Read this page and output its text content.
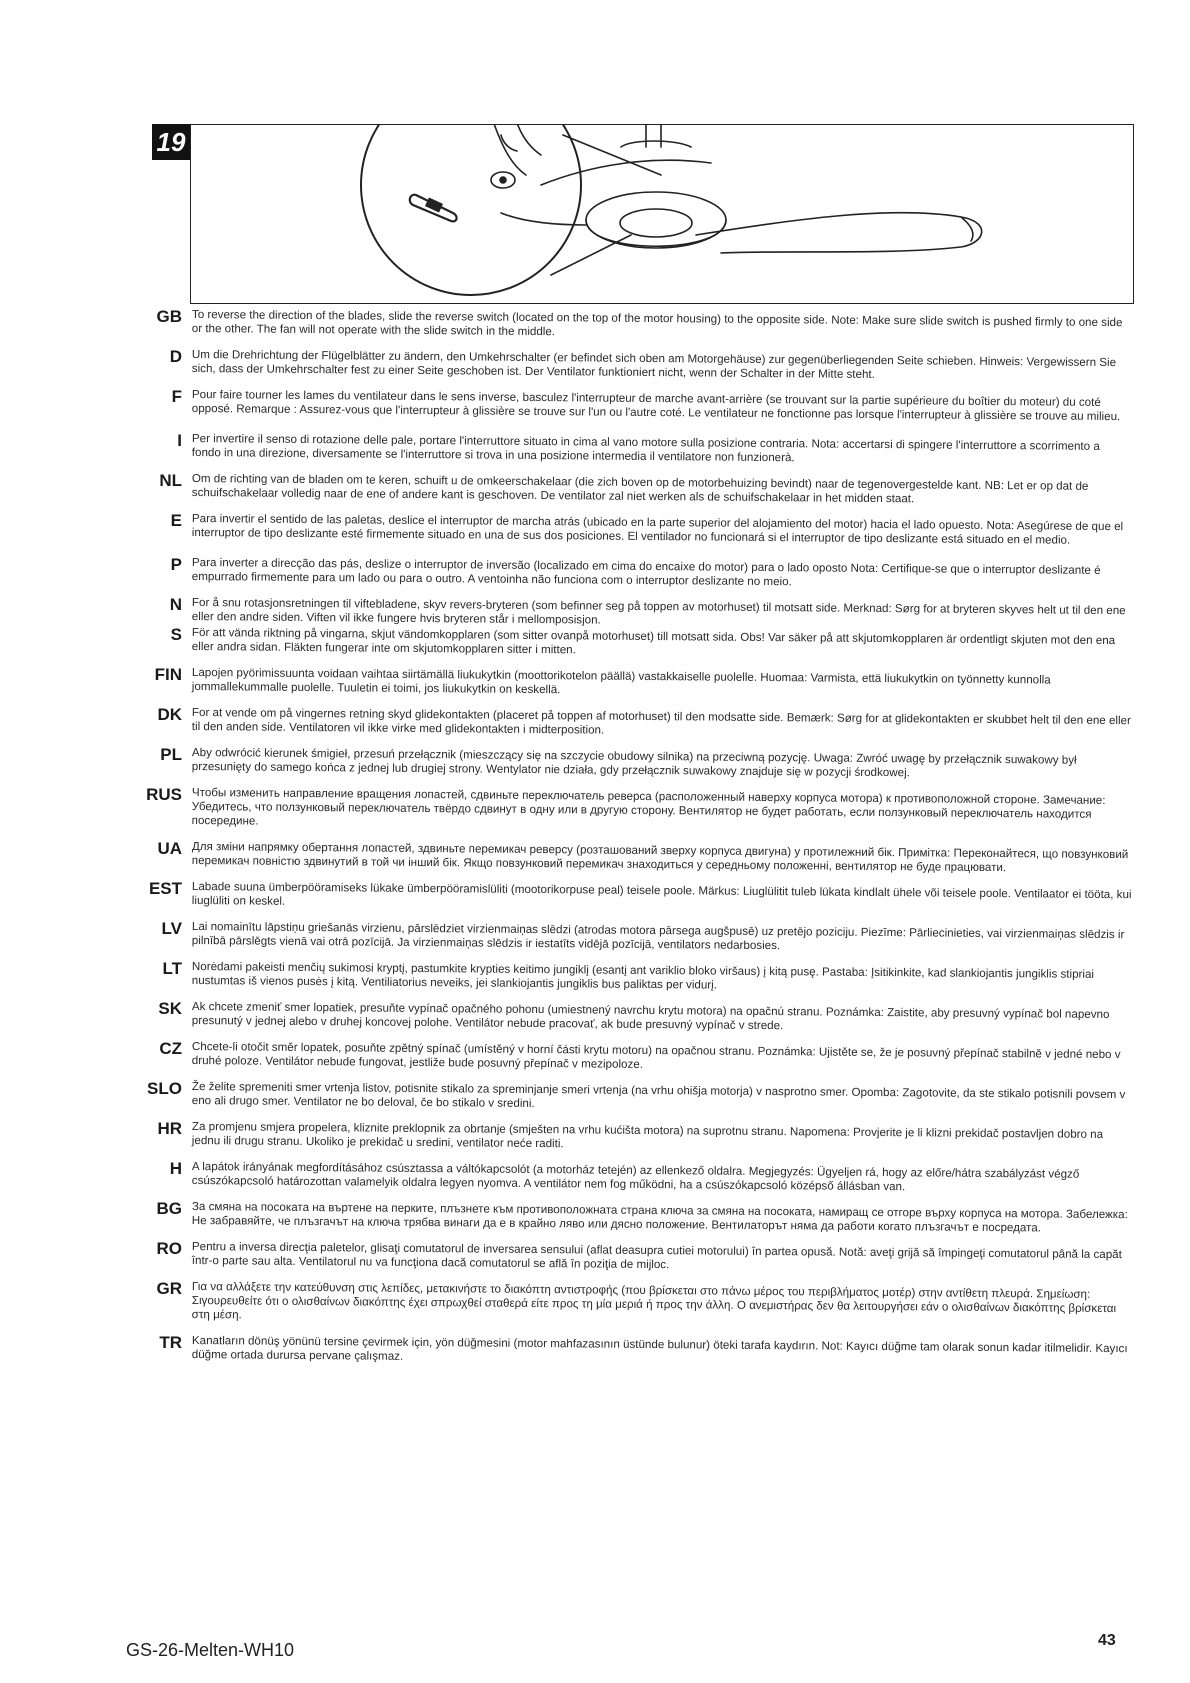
19
GB To reverse the direction of the blades, slide the reverse switch (located on the top of the motor housing) to the opposite side. Note: Make sure slide switch is pushed firmly to one side or the other. The fan will not operate with the slide switch in the middle.
D Um die Drehrichtung der Flügelblätter zu ändern, den Umkehrschalter (er befindet sich oben am Motorgehäuse) zur gegenüberliegenden Seite schieben. Hinweis: Vergewissern Sie sich, dass der Umkehrschalter fest zu einer Seite geschoben ist. Der Ventilator funktioniert nicht, wenn der Schalter in der Mitte steht.
F Pour faire tourner les lames du ventilateur dans le sens inverse, basculez l'interrupteur de marche avant-arrière (se trouvant sur la partie supérieure du boîtier du moteur) du coté opposé. Remarque : Assurez-vous que l'interrupteur à glissière se trouve sur l'un ou l'autre coté. Le ventilateur ne fonctionne pas lorsque l'interrupteur à glissière se trouve au milieu.
I Per invertire il senso di rotazione delle pale, portare l'interruttore situato in cima al vano motore sulla posizione contraria. Nota: accertarsi di spingere l'interruttore a scorrimento a fondo in una direzione, diversamente se l'interruttore si trova in una posizione intermedia il ventilatore non funzionerà.
NL Om de richting van de bladen om te keren, schuift u de omkeerschakelaar (die zich boven op de motorbehuizing bevindt) naar de tegenovergestelde kant. NB: Let er op dat de schuifschakelaar volledig naar de ene of andere kant is geschoven. De ventilator zal niet werken als de schuifschakelaar in het midden staat.
E Para invertir el sentido de las paletas, deslice el interruptor de marcha atrás (ubicado en la parte superior del alojamiento del motor) hacia el lado opuesto. Nota: Asegúrese de que el interruptor de tipo deslizante esté firmemente situado en una de sus dos posiciones. El ventilador no funcionará si el interruptor de tipo deslizante está situado en el medio.
P Para inverter a direcção das pás, deslize o interruptor de inversão (localizado em cima do encaixe do motor) para o lado oposto Nota: Certifique-se que o interruptor deslizante é empurrado firmemente para um lado ou para o outro. A ventoinha não funciona com o interruptor deslizante no meio.
N For å snu rotasjonsretningen til viftebladene, skyv revers-bryteren (som befinner seg på toppen av motorhuset) til motsatt side. Merknad: Sørg for at bryteren skyves helt ut til den ene eller den andre siden. Viften vil ikke fungere hvis bryteren står i mellomposisjon.
S För att vända riktning på vingarna, skjut vändomkopplaren (som sitter ovanpå motorhuset) till motsatt sida. Obs! Var säker på att skjutomkopplaren är ordentligt skjuten mot den ena eller andra sidan. Fläkten fungerar inte om skjutomkopplaren sitter i mitten.
FIN Lapojen pyörimissuunta voidaan vaihtaa siirtämällä liukukytkin (moottorikotelon päällä) vastakkaiselle puolelle. Huomaa: Varmista, että liukukytkin on työnnetty kunnolla jommallekummalle puolelle. Tuuletin ei toimi, jos liukukytkin on keskellä.
DK For at vende om på vingernes retning skyd glidekontakten (placeret på toppen af motorhuset) til den modsatte side. Bemærk: Sørg for at glidekontakten er skubbet helt til den ene eller til den anden side. Ventilatoren vil ikke virke med glidekontakten i midterposition.
PL Aby odwrócić kierunek śmigieł, przesuń przełącznik (mieszczący się na szczycie obudowy silnika) na przeciwną pozycję. Uwaga: Zwróć uwagę by przełącznik suwakowy był przesunięty do samego końca z jednej lub drugiej strony. Wentylator nie działa, gdy przełącznik suwakowy znajduje się w pozycji środkowej.
RUS Чтобы изменить направление вращения лопастей, сдвиньте переключатель реверса (расположенный наверху корпуса мотора) к противоположной стороне. Замечание: Убедитесь, что ползунковый переключатель твёрдо сдвинут в одну или в другую сторону. Вентилятор не будет работать, если ползунковый переключатель находится посередине.
UA Для зміни напрямку обертання лопастей, здвиньте перемикач реверсу (розташований зверху корпуса двигуна) у протилежний бік. Примітка: Переконайтеся, що повзунковий перемикач повністю здвинутий в той чи інший бік. Якщо повзунковий перемикач знаходиться у середньому положенні, вентилятор не буде працювати.
EST Labade suuna ümberpööramiseks lükake ümberpööramislüliti (mootorikorpuse peal) teisele poole. Märkus: Liuglülitit tuleb lükata kindlalt ühele või teisele poole. Ventilaator ei tööta, kui liuglüliti on keskel.
LV Lai nomainītu lāpstiņu griešanās virzienu, pārslēdziet virzienmaiņas slēdzi (atrodas motora pārsega augšpusē) uz pretējo poziciju. Piezīme: Pārliecinieties, vai virzienmaiņas slēdzis ir pilnībā pārslēgts vienā vai otrā pozīcijā. Ja virzienmaiņas slēdzis ir iestatīts vidējā pozīcijā, ventilators nedarbosies.
LT Norėdami pakeisti menčių sukimosi kryptį, pastumkite krypties keitimo jungiklį (esantį ant variklio bloko viršaus) į kitą pusę. Pastaba: Įsitikinkite, kad slankiojantis jungiklis stipriai nustumtas iš vienos pusės į kitą. Ventiliatorius neveiks, jei slankiojantis jungiklis bus paliktas per vidurį.
SK Ak chcete zmeniť smer lopatiek, presuňte vypínač opačného pohonu (umiestnený navrchu krytu motora) na opačnú stranu. Poznámka: Zaistite, aby presuvný vypínač bol napevno presunutý v jednej alebo v druhej koncovej polohe. Ventilátor nebude pracovať, ak bude presuvný vypínač v strede.
CZ Chcete-li otočit směr lopatek, posuňte zpětný spínač (umístěný v horní části krytu motoru) na opačnou stranu. Poznámka: Ujistěte se, že je posuvný přepínač stabilně v jedné nebo v druhé poloze. Ventilátor nebude fungovat, jestliže bude posuvný přepínač v mezipoloze.
SLO Že želite spremeniti smer vrtenja listov, potisnite stikalo za spreminjanje smeri vrtenja (na vrhu ohišja motorja) v nasprotno smer. Opomba: Zagotovite, da ste stikalo potisnili povsem v eno ali drugo smer. Ventilator ne bo deloval, če bo stikalo v sredini.
HR Za promjenu smjera propelera, kliznite preklopnik za obrtanje (smješten na vrhu kućišta motora) na suprotnu stranu. Napomena: Provjerite je li klizni prekidač postavljen dobro na jednu ili drugu stranu. Ukoliko je prekidač u sredini, ventilator neće raditi.
H A lapátok irányának megfordításához csúsztassa a váltókapcsolót (a motorház tetején) az ellenkező oldalra. Megjegyzés: Ügyeljen rá, hogy az előre/hátra szabályzást végző csúszókapcsoló határozottan valamelyik oldalra legyen nyomva. A ventilátor nem fog működni, ha a csúszókapcsoló középső állásban van.
BG За смяна на посоката на въртене на перките, плъзнете към противоположната страна ключа за смяна на посоката, намиращ се отгоре върху корпуса на мотора. Забележка: Не забравяйте, че плъзгачът на ключа трябва винаги да е в крайно ляво или дясно положение. Вентилаторът няма да работи когато плъзгачът е посредата.
RO Pentru a inversa direcţia paletelor, glisaţi comutatorul de inversarea sensului (aflat deasupra cutiei motorului) în partea opusă. Notă: aveţi grijă să împingeţi comutatorul până la capăt într-o parte sau alta. Ventilatorul nu va funcţiona dacă comutatorul se află în poziţia de mijloc.
GR Για να αλλάξετε την κατεύθυνση στις λεπίδες, μετακινήστε το διακόπτη αντιστροφής (που βρίσκεται στο πάνω μέρος του περιβλήματος μοτέρ) στην αντίθετη πλευρά. Σημείωση: Σιγουρευθείτε ότι ο ολισθαίνων διακόπτης έχει σπρωχθεί σταθερά είτε προς τη μία μεριά ή προς την άλλη. Ο ανεμιστήρας δεν θα λειτουργήσει εάν ο ολισθαίνων διακόπτης βρίσκεται στη μέση.
TR Kanatların dönüş yönünü tersine çevirmek için, yön düğmesini (motor mahfazasının üstünde bulunur) öteki tarafa kaydırın. Not: Kayıcı düğme tam olarak sonun kadar itilmelidir. Kayıcı düğme ortada durursa pervane çalışmaz.
GS-26-Melten-WH10	43
